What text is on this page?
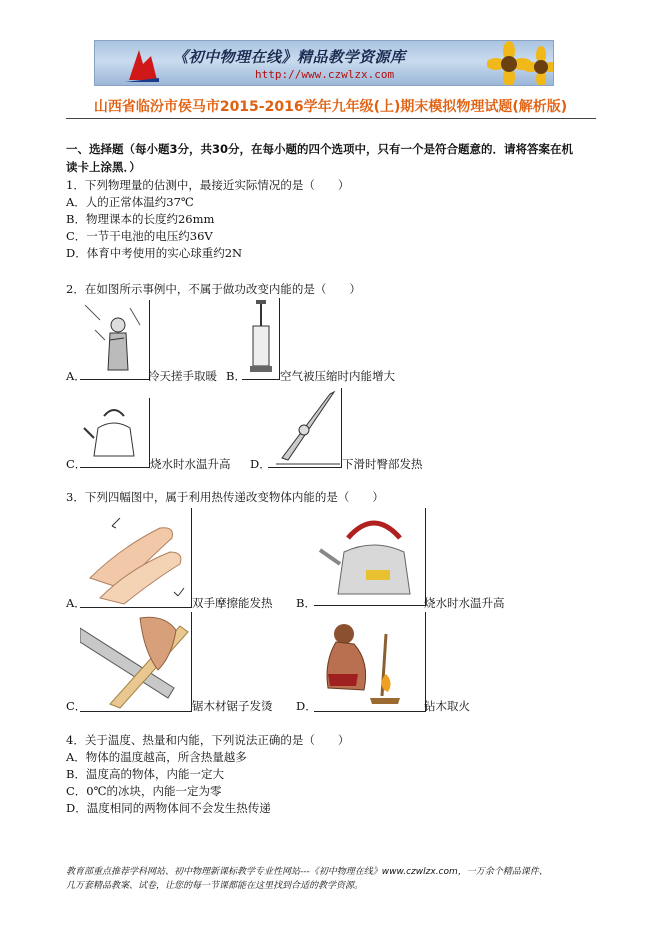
《初中物理在线》精品教学资源库
http://www.czwlzx.com
山西省临汾市侯马市2015-2016学年九年级(上)期末模拟物理试题(解析版)
一、选择题（每小题3分，共30分，在每小题的四个选项中，只有一个是符合题意的．请将答案在机
读卡上涂黑．）
1．下列物理量的估测中，最接近实际情况的是（　　）
A．人的正常体温约37℃
B．物理课本的长度约26mm
C．一节干电池的电压约36V
D．体育中考使用的实心球重约2N
2．在如图所示事例中，不属于做功改变内能的是（　　）
A．	冷天搓手取暖 B．	空气被压缩时内能增大
C．	烧水时水温升高 D．	下滑时臀部发热
3．下列四幅图中，属于利用热传递改变物体内能的是（　　）
A．	双手摩擦能发热 B．	烧水时水温升高
C．	锯木材锯子发烫 D．	钻木取火
4．关于温度、热量和内能，下列说法正确的是（　　）
A．物体的温度越高，所含热量越多
B．温度高的物体，内能一定大
C．0℃的冰块，内能一定为零
D．温度相同的两物体间不会发生热传递
教育部重点推荐学科网站、初中物理新课标教学专业性网站---《初中物理在线》www.czwlzx.com，一万余个精品课件、
几万套精品教案、试卷，让您的每一节课都能在这里找到合适的教学资源。
